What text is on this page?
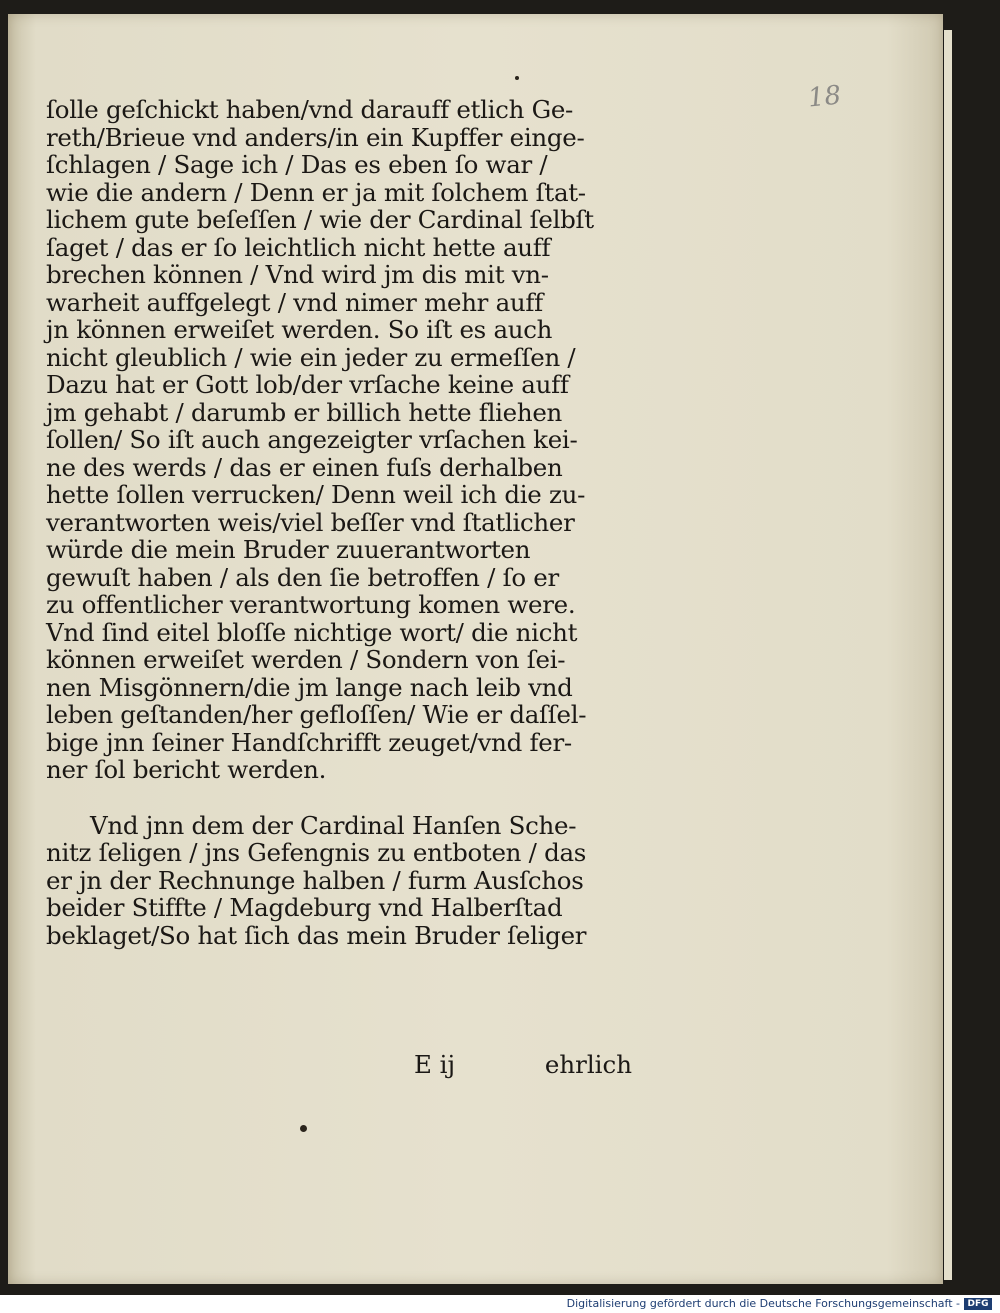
18
ſolle geſchickt haben/vnd darauff etlich Ge-
reth/Brieue vnd anders/in ein Kupffer einge-
ſchlagen / Sage ich / Das es eben ſo war /
wie die andern / Denn er ja mit ſolchem ſtat-
lichem gute beſeſſen / wie der Cardinal ſelbſt
ſaget / das er ſo leichtlich nicht hette auff
brechen können / Vnd wird jm dis mit vn-
warheit auffgelegt / vnd nimer mehr auff
jn können erweiſet werden. So iſt es auch
nicht gleublich / wie ein jeder zu ermeſſen /
Dazu hat er Gott lob/der vrſache keine auff
jm gehabt / darumb er billich hette fliehen
ſollen/ So iſt auch angezeigter vrſachen kei-
ne des werds / das er einen fuſs derhalben
hette ſollen verrucken/ Denn weil ich die zu-
verantworten weis/viel beſſer vnd ſtatlicher
würde die mein Bruder zuuerantworten
gewuſt haben / als den ſie betroffen / ſo er
zu offentlicher verantwortung komen were.
Vnd ſind eitel bloſſe nichtige wort/ die nicht
können erweiſet werden / Sondern von ſei-
nen Misgönnern/die jm lange nach leib vnd
leben geſtanden/her gefloſſen/ Wie er daſſel-
bige jnn ſeiner Handſchrifft zeuget/vnd fer-
ner ſol bericht werden.
Vnd jnn dem der Cardinal Hanſen Sche-
nitz ſeligen / jns Gefengnis zu entboten / das
er jn der Rechnunge halben / furm Ausſchos
beider Stiffte / Magdeburg vnd Halberſtad
beklaget/So hat ſich das mein Bruder ſeliger
E ij	ehrlich
Digitalisierung gefördert durch die Deutsche Forschungsgemeinschaft - DFG
